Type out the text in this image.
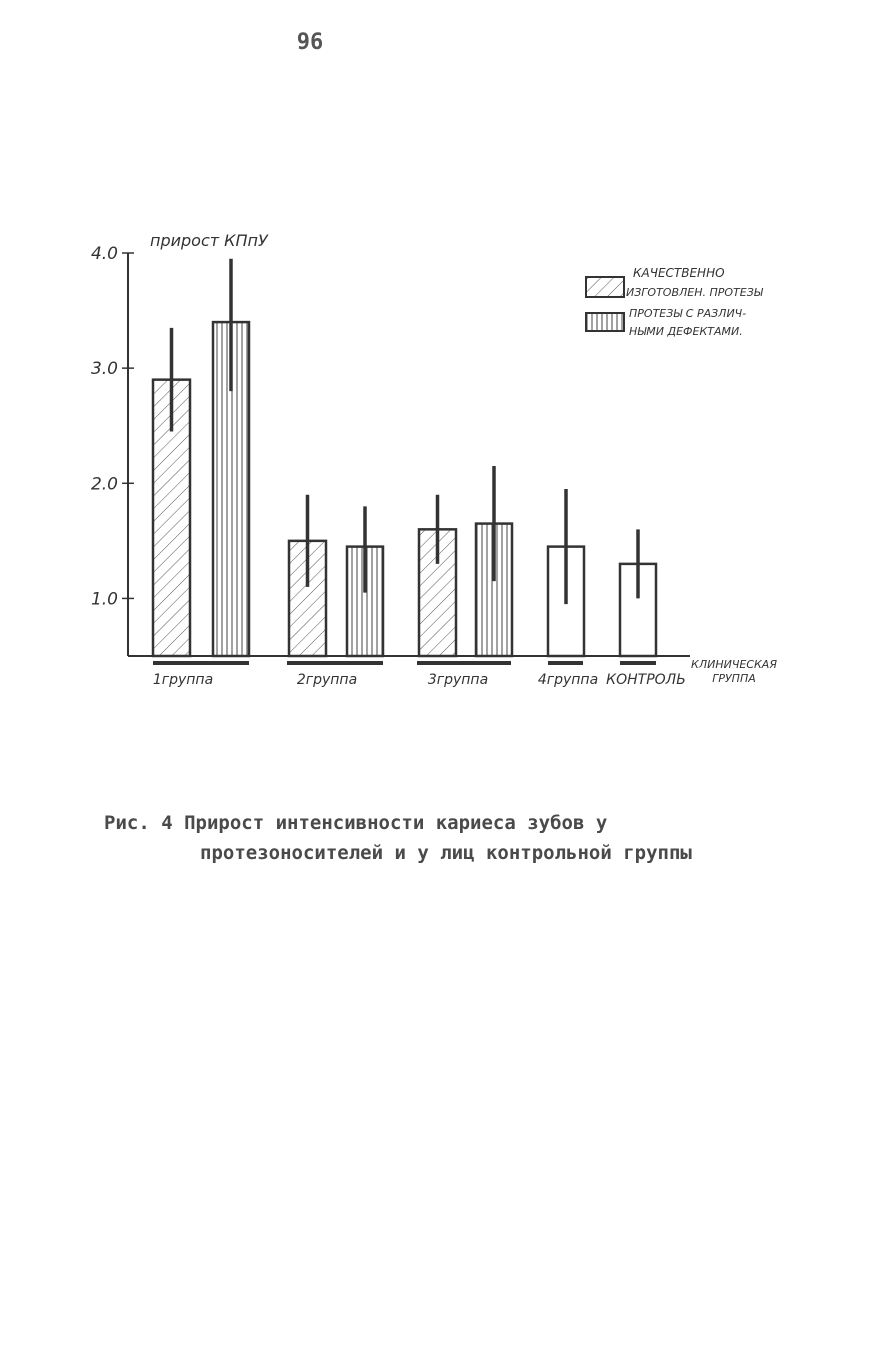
96
1.0
2.0
3.0
4.0
1группа	2группа	3группа	4группа КОНТРОЛЬ
прирост КПпУ
КАЧЕСТВЕННО
ИЗГОТОВЛЕН. ПРОТЕЗЫ
ПРОТЕЗЫ С РАЗЛИЧ-
НЫМИ ДЕФЕКТАМИ.
КЛИНИЧЕСКАЯ
ГРУППА
Рис. 4 Прирост интенсивности кариеса зубов у
протезоносителей и у лиц контрольной группы
